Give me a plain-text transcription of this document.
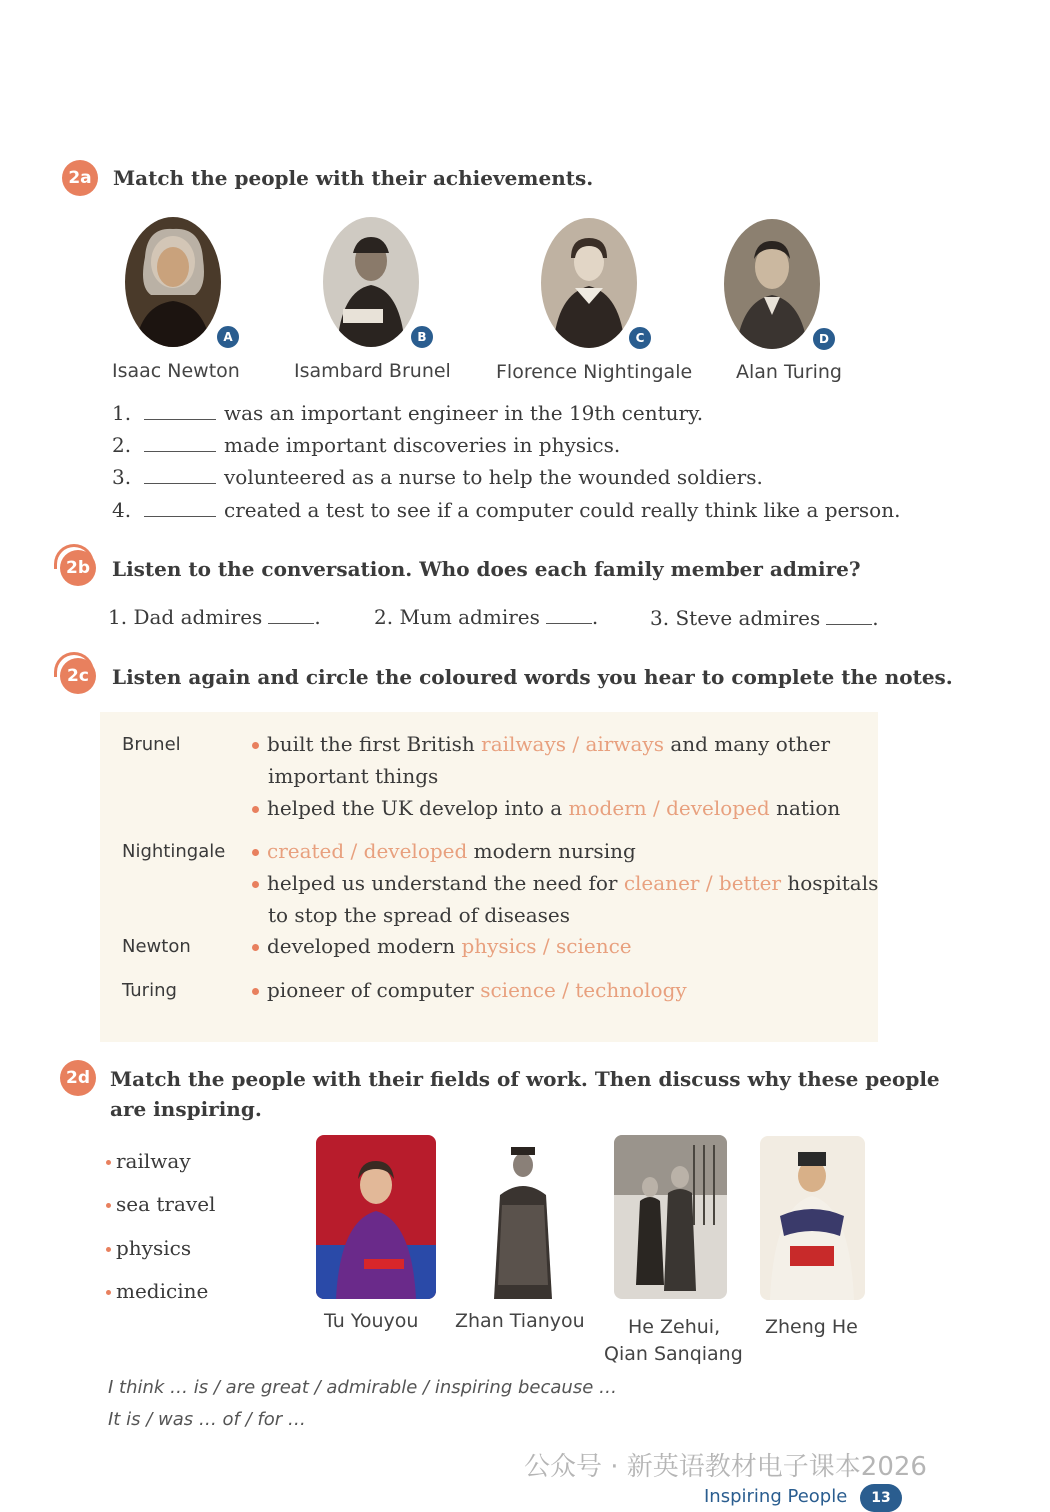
2a	Match the people with their achievements.
A	B	C	D
Isaac Newton	Isambard Brunel Florence Nightingale Alan Turing
1.	was an important engineer in the 19th century.
2.	made important discoveries in physics.
3.	volunteered as a nurse to help the wounded soldiers.
4.	created a test to see if a computer could really think like a person.
2b	Listen to the conversation. Who does each family member admire?
1. Dad admires	.	2. Mum admires	.	3. Steve admires	.
2c	Listen again and circle the coloured words you hear to complete the notes.
Brunel	built the first British railways / airways and many other
important things
helped the UK develop into a modern / developed nation
Nightingale	created / developed modern nursing
helped us understand the need for cleaner / better hospitals
to stop the spread of diseases
Newton	developed modern physics / science
Turing	pioneer of computer science / technology
2d	Match the people with their fields of work. Then discuss why these people
are inspiring.
railway
sea travel
physics
medicine
Tu Youyou Zhan Tianyou He Zehui,
Qian Sanqiang
Zheng He
I think … is / are great / admirable / inspiring because …
It is / was … of / for …
公众号 · 新英语教材电子课本2026
Inspiring People	13
